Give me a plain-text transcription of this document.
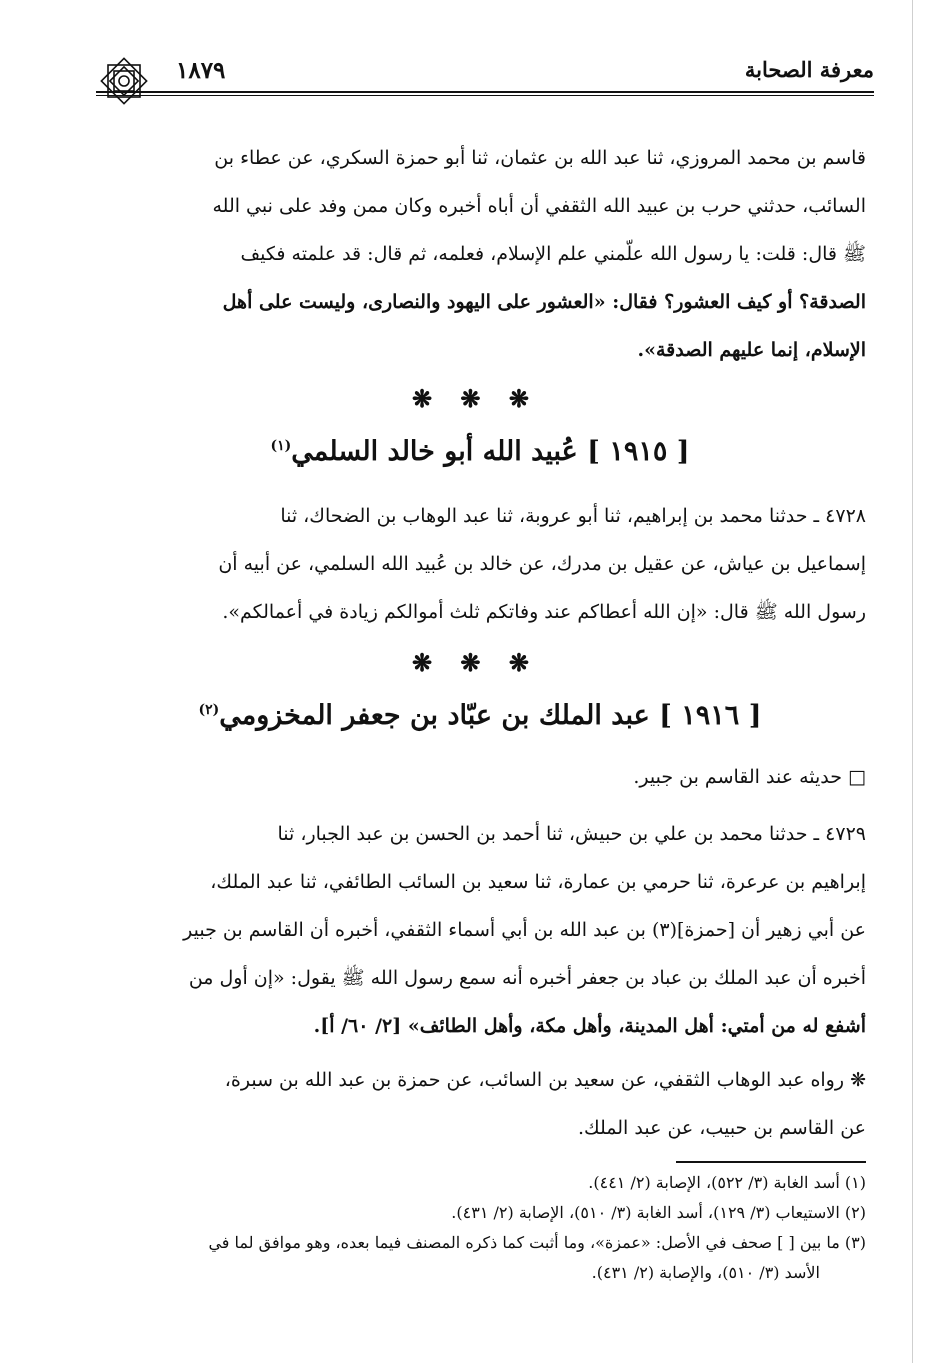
١٨٧٩	معرفة الصحابة
قاسم بن محمد المروزي، ثنا عبد الله بن عثمان، ثنا أبو حمزة السكري، عن عطاء بن
السائب، حدثني حرب بن عبيد الله الثقفي أن أباه أخبره وكان ممن وفد على نبي الله
ﷺ قال: قلت: يا رسول الله علّمني علم الإسلام، فعلمه، ثم قال: قد علمته فكيف
الصدقة؟ أو كيف العشور؟ فقال: «العشور على اليهود والنصارى، وليست على أهل
الإسلام، إنما عليهم الصدقة».
❋ ❋ ❋
[ ١٩١٥ ] عُبيد الله أبو خالد السلمي$^{(١)}$
٤٧٢٨ ـ حدثنا محمد بن إبراهيم، ثنا أبو عروبة، ثنا عبد الوهاب بن الضحاك، ثنا
إسماعيل بن عياش، عن عقيل بن مدرك، عن خالد بن عُبيد الله السلمي، عن أبيه أن
رسول الله ﷺ قال: «إن الله أعطاكم عند وفاتكم ثلث أموالكم زيادة في أعمالكم».
❋ ❋ ❋
[ ١٩١٦ ] عبد الملك بن عبّاد بن جعفر المخزومي$^{(٢)}$
□ حديثه عند القاسم بن جبير.
٤٧٢٩ ـ حدثنا محمد بن علي بن حبيش، ثنا أحمد بن الحسن بن عبد الجبار، ثنا
إبراهيم بن عرعرة، ثنا حرمي بن عمارة، ثنا سعيد بن السائب الطائفي، ثنا عبد الملك،
عن أبي زهير أن [حمزة](٣) بن عبد الله بن أبي أسماء الثقفي، أخبره أن القاسم بن جبير
أخبره أن عبد الملك بن عباد بن جعفر أخبره أنه سمع رسول الله ﷺ يقول: «إن أول من
أشفع له من أمتي: أهل المدينة، وأهل مكة، وأهل الطائف» [٢/ ٦٠/ أ].
❋ رواه عبد الوهاب الثقفي، عن سعيد بن السائب، عن حمزة بن عبد الله بن سبرة،
عن القاسم بن حبيب، عن عبد الملك.
(١) أسد الغابة (٣/ ٥٢٢)، الإصابة (٢/ ٤٤١).
(٢) الاستيعاب (٣/ ١٢٩)، أسد الغابة (٣/ ٥١٠)، الإصابة (٢/ ٤٣١).
(٣) ما بين [ ] صحف في الأصل: «عمزة»، وما أثبت كما ذكره المصنف فيما بعده، وهو موافق لما في
الأسد (٣/ ٥١٠)، والإصابة (٢/ ٤٣١).
